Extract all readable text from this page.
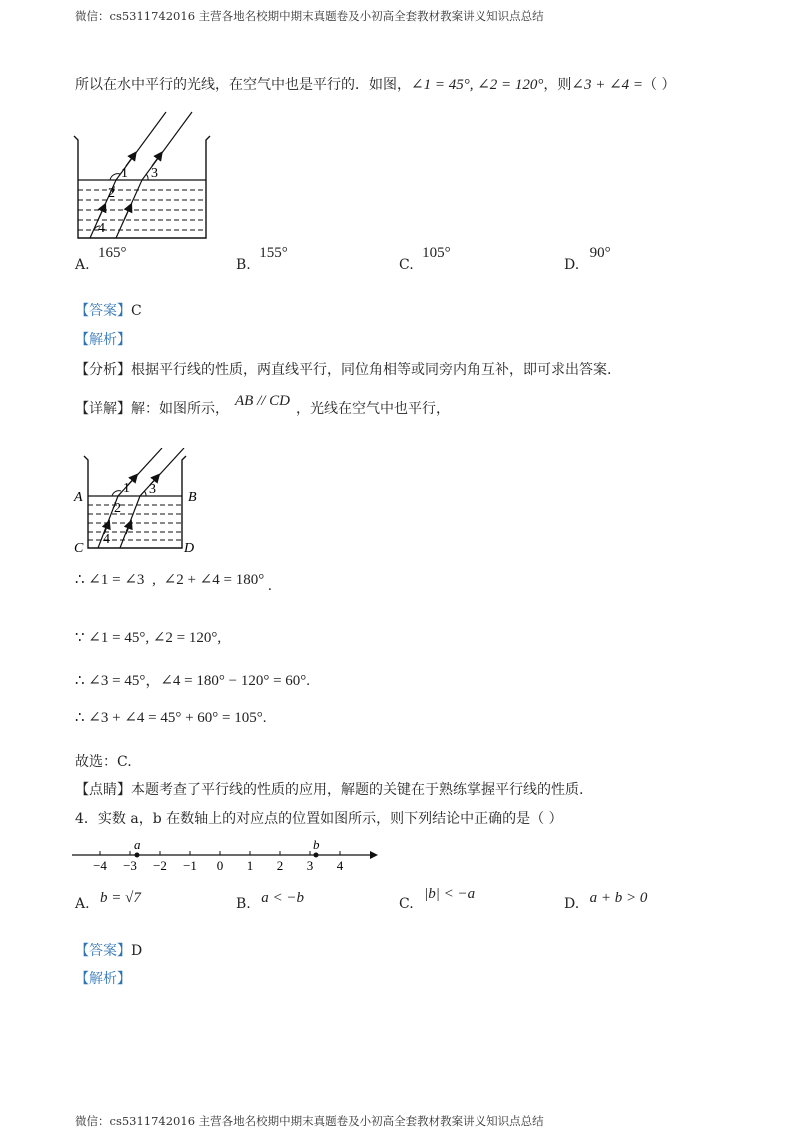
微信：cs5311742016 主营各地名校期中期末真题卷及小初高全套教材教案讲义知识点总结
所以在水中平行的光线，在空气中也是平行的．如图，∠1 = 45°, ∠2 = 120°，则∠3 + ∠4 =（ ）
1 3
2
4
A. 165°
B. 155°
C. 105°
D. 90°
【答案】C
【解析】
【分析】根据平行线的性质，两直线平行，同位角相等或同旁内角互补，即可求出答案.
【详解】解：如图所示， AB // CD ，光线在空气中也平行，
1 3
2
4
A	B
C	D
∴ ∠1 = ∠3 , ∠2 + ∠4 = 180° .
∵ ∠1 = 45°, ∠2 = 120°,
∴ ∠3 = 45°，∠4 = 180° − 120° = 60°.
∴ ∠3 + ∠4 = 45° + 60° = 105°.
故选：C.
【点睛】本题考查了平行线的性质的应用，解题的关键在于熟练掌握平行线的性质.
4．实数 a，b 在数轴上的对应点的位置如图所示，则下列结论中正确的是（ ）
−4 −3 −2 −1 0 1 2 3 4
a	b
A. b = √7	B. a < −b	C. |b| < −a
D. a + b > 0
【答案】D
【解析】
微信：cs5311742016 主营各地名校期中期末真题卷及小初高全套教材教案讲义知识点总结
